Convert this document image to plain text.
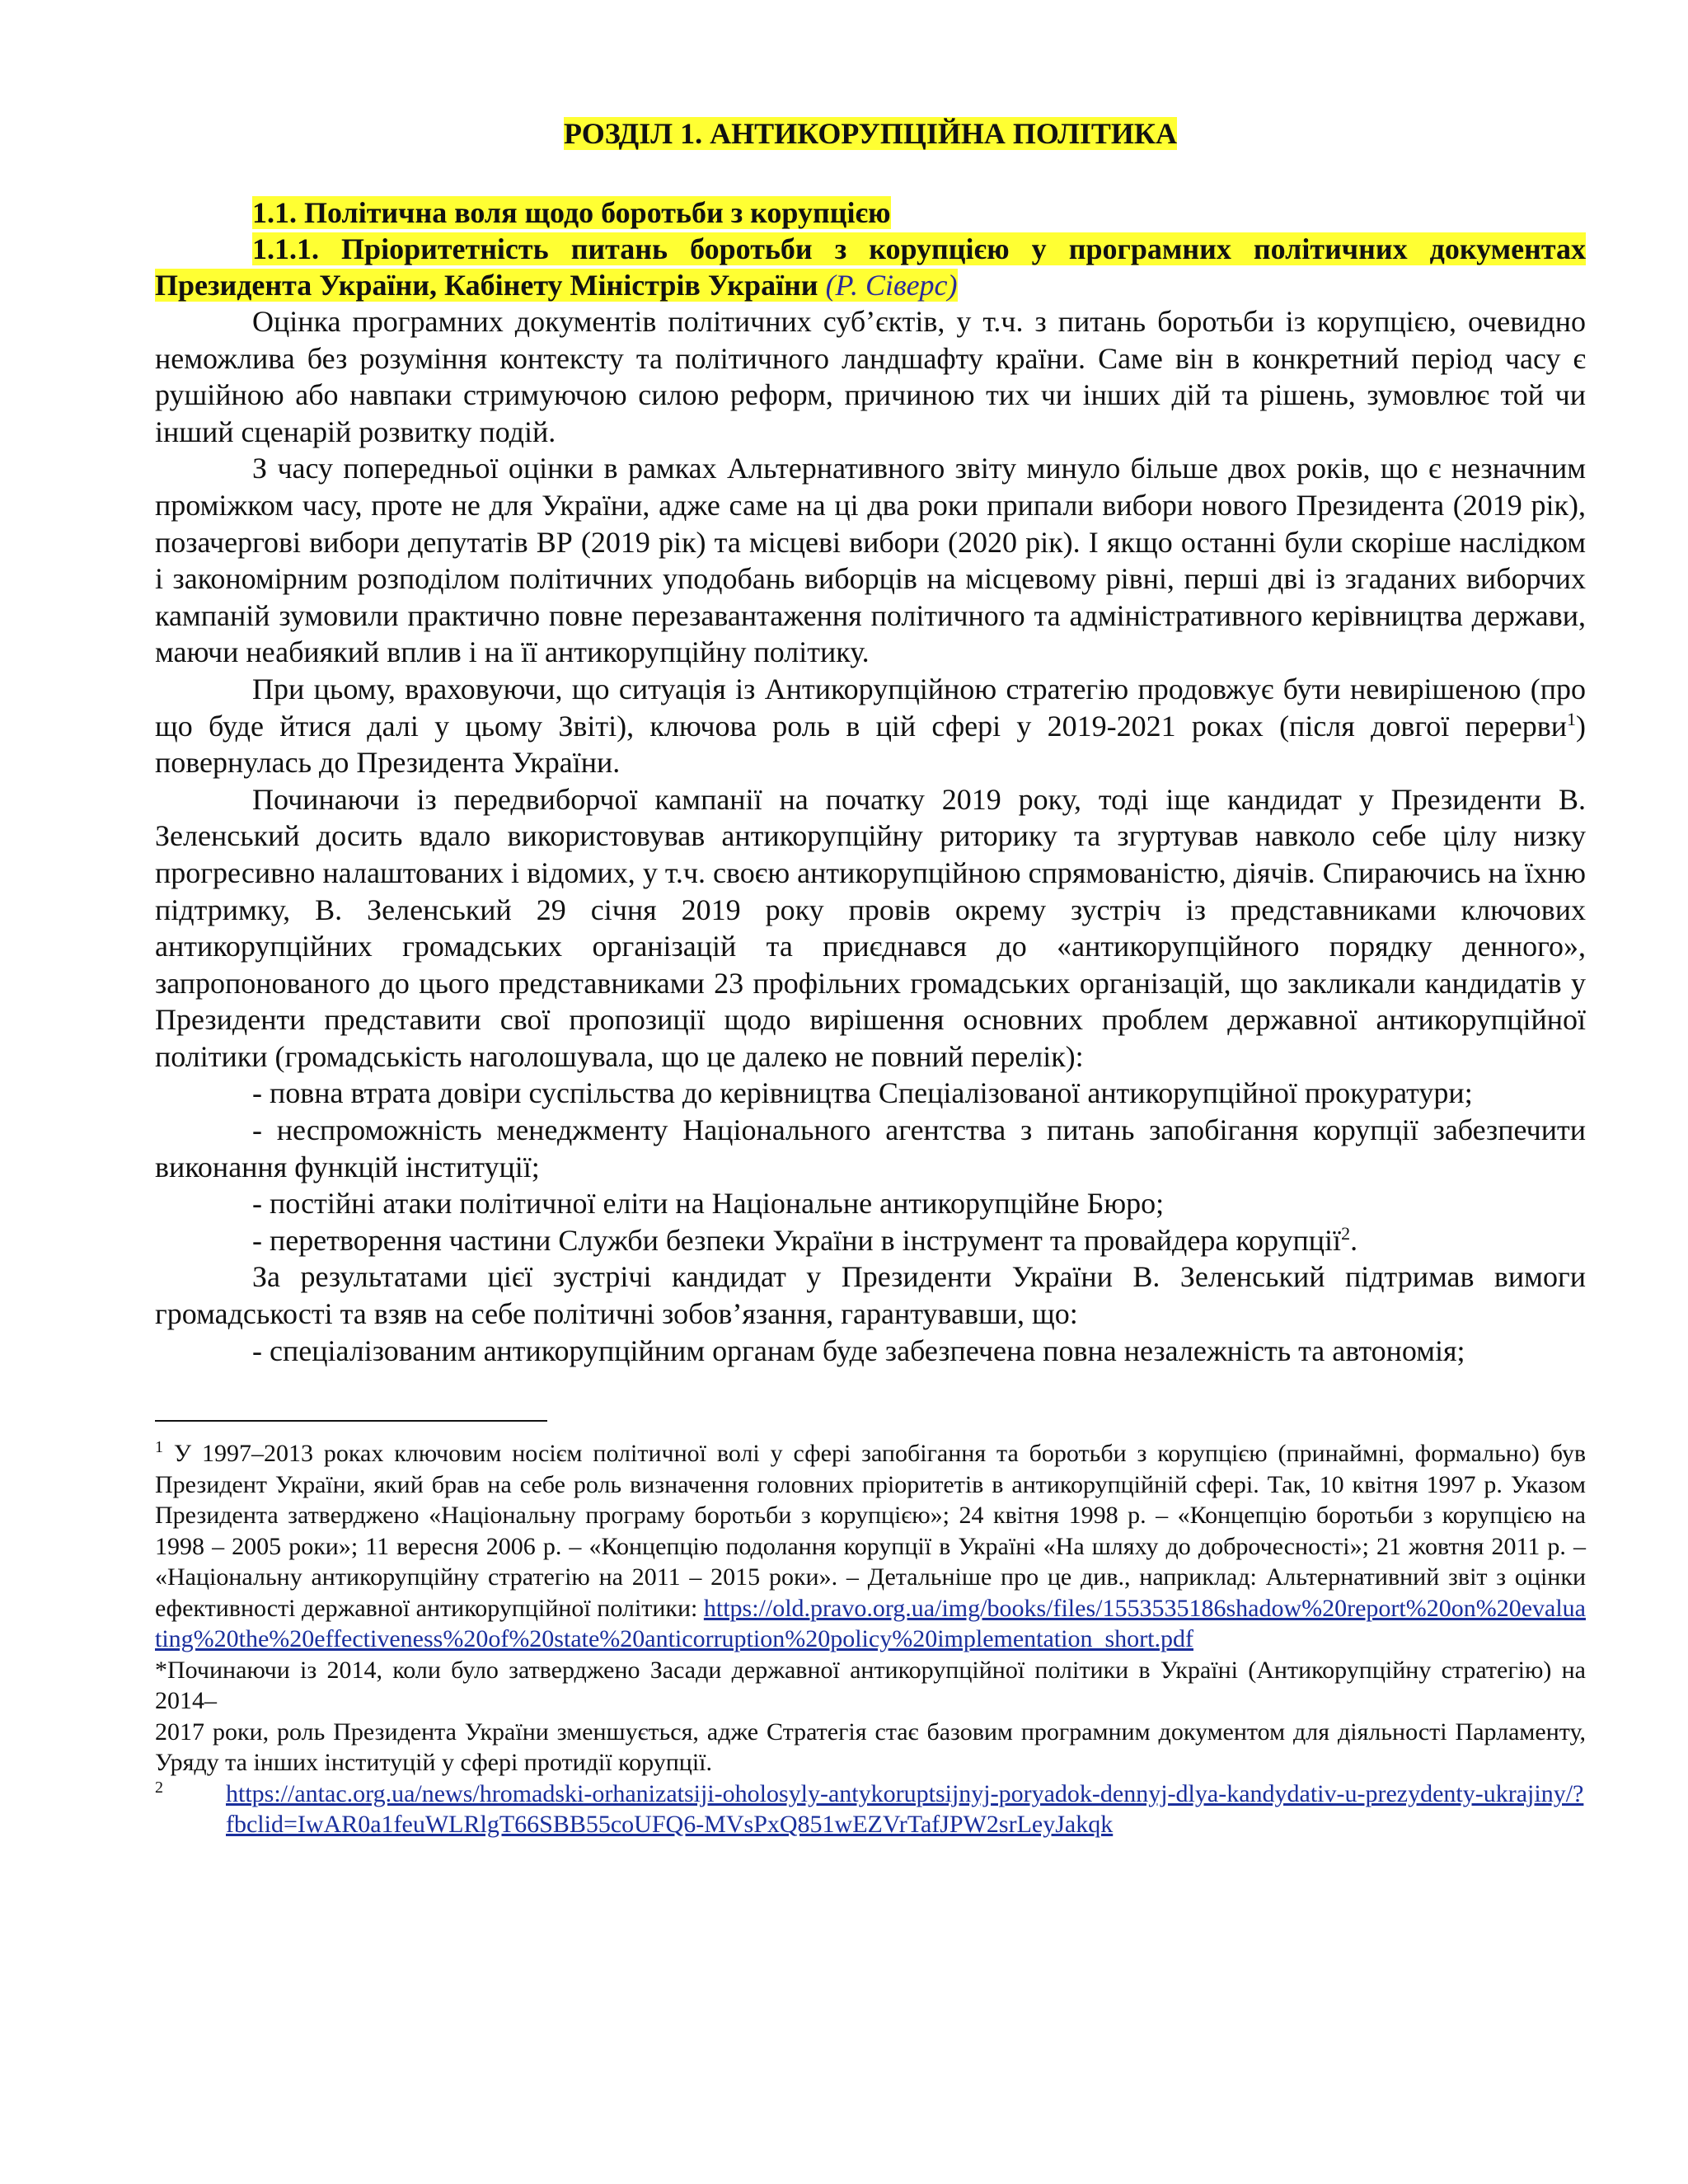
РОЗДІЛ 1. АНТИКОРУПЦІЙНА ПОЛІТИКА

1.1. Політична воля щодо боротьби з корупцією

1.1.1. Пріоритетність питань боротьби з корупцією у програмних політичних документах Президента України, Кабінету Міністрів України (Р. Сіверс)

Оцінка програмних документів політичних суб’єктів, у т.ч. з питань боротьби із корупцією, очевидно неможлива без розуміння контексту та політичного ландшафту країни. Саме він в конкретний період часу є рушійною або навпаки стримуючою силою реформ, причиною тих чи інших дій та рішень, зумовлює той чи інший сценарій розвитку подій.

З часу попередньої оцінки в рамках Альтернативного звіту минуло більше двох років, що є незначним проміжком часу, проте не для України, адже саме на ці два роки припали вибори нового Президента (2019 рік), позачергові вибори депутатів ВР (2019 рік) та місцеві вибори (2020 рік). І якщо останні були скоріше наслідком і закономірним розподілом політичних уподобань виборців на місцевому рівні, перші дві із згаданих виборчих кампаній зумовили практично повне перезавантаження політичного та адміністративного керівництва держави, маючи неабиякий вплив і на її антикорупційну політику.

При цьому, враховуючи, що ситуація із Антикорупційною стратегію продовжує бути невирішеною (про що буде йтися далі у цьому Звіті), ключова роль в цій сфері у 2019-2021 роках (після довгої перерви$^1$) повернулась до Президента України.

Починаючи із передвиборчої кампанії на початку 2019 року, тоді іще кандидат у Президенти В. Зеленський досить вдало використовував антикорупційну риторику та згуртував навколо себе цілу низку прогресивно налаштованих і відомих, у т.ч. своєю антикорупційною спрямованістю, діячів. Спираючись на їхню підтримку, В. Зеленський 29 січня 2019 року провів окрему зустріч із представниками ключових антикорупційних громадських організацій та приєднався до «антикорупційного порядку денного», запропонованого до цього представниками 23 профільних громадських організацій, що закликали кандидатів у Президенти представити свої пропозиції щодо вирішення основних проблем державної антикорупційної політики (громадськість наголошувала, що це далеко не повний перелік):

- повна втрата довіри суспільства до керівництва Спеціалізованої антикорупційної прокуратури;

- неспроможність менеджменту Національного агентства з питань запобігання корупції забезпечити виконання функцій інституції;

- постійні атаки політичної еліти на Національне антикорупційне Бюро;

- перетворення частини Служби безпеки України в інструмент та провайдера корупції$^2$.

За результатами цієї зустрічі кандидат у Президенти України В. Зеленський підтримав вимоги громадськості та взяв на себе політичні зобов’язання, гарантувавши, що:

- спеціалізованим антикорупційним органам буде забезпечена повна незалежність та автономія;

$^1$ У 1997–2013 роках ключовим носієм політичної волі у сфері запобігання та боротьби з корупцією (принаймні, формально) був Президент України, який брав на себе роль визначення головних пріоритетів в антикорупційній сфері. Так, 10 квітня 1997 р. Указом Президента затверджено «Національну програму боротьби з корупцією»; 24 квітня 1998 р. – «Концепцію боротьби з корупцією на 1998 – 2005 роки»; 11 вересня 2006 р. – «Концепцію подолання корупції в Україні «На шляху до доброчесності»; 21 жовтня 2011 р. – «Національну антикорупційну стратегію на 2011 – 2015 роки». – Детальніше про це див., наприклад: Альтернативний звіт з оцінки ефективності державної антикорупційної політики: https://old.pravo.org.ua/img/books/files/1553535186shadow%20report%20on%20evaluating%20the%20effectiveness%20of%20state%20anticorruption%20policy%20implementation_short.pdf

*Починаючи із 2014, коли було затверджено Засади державної антикорупційної політики в Україні (Антикорупційну стратегію) на 2014–

2017 роки, роль Президента України зменшується, адже Стратегія стає базовим програмним документом для діяльності Парламенту, Уряду та інших інституцій у сфері протидії корупції.

$^2$	https://antac.org.ua/news/hromadski-orhanizatsiji-oholosyly-antykoruptsijnyj-poryadok-dennyj-dlya-kandydativ-u-prezydenty-ukrajiny/?fbclid=IwAR0a1feuWLRlgT66SBB55coUFQ6-MVsPxQ851wEZVrTafJPW2srLeyJakqk
